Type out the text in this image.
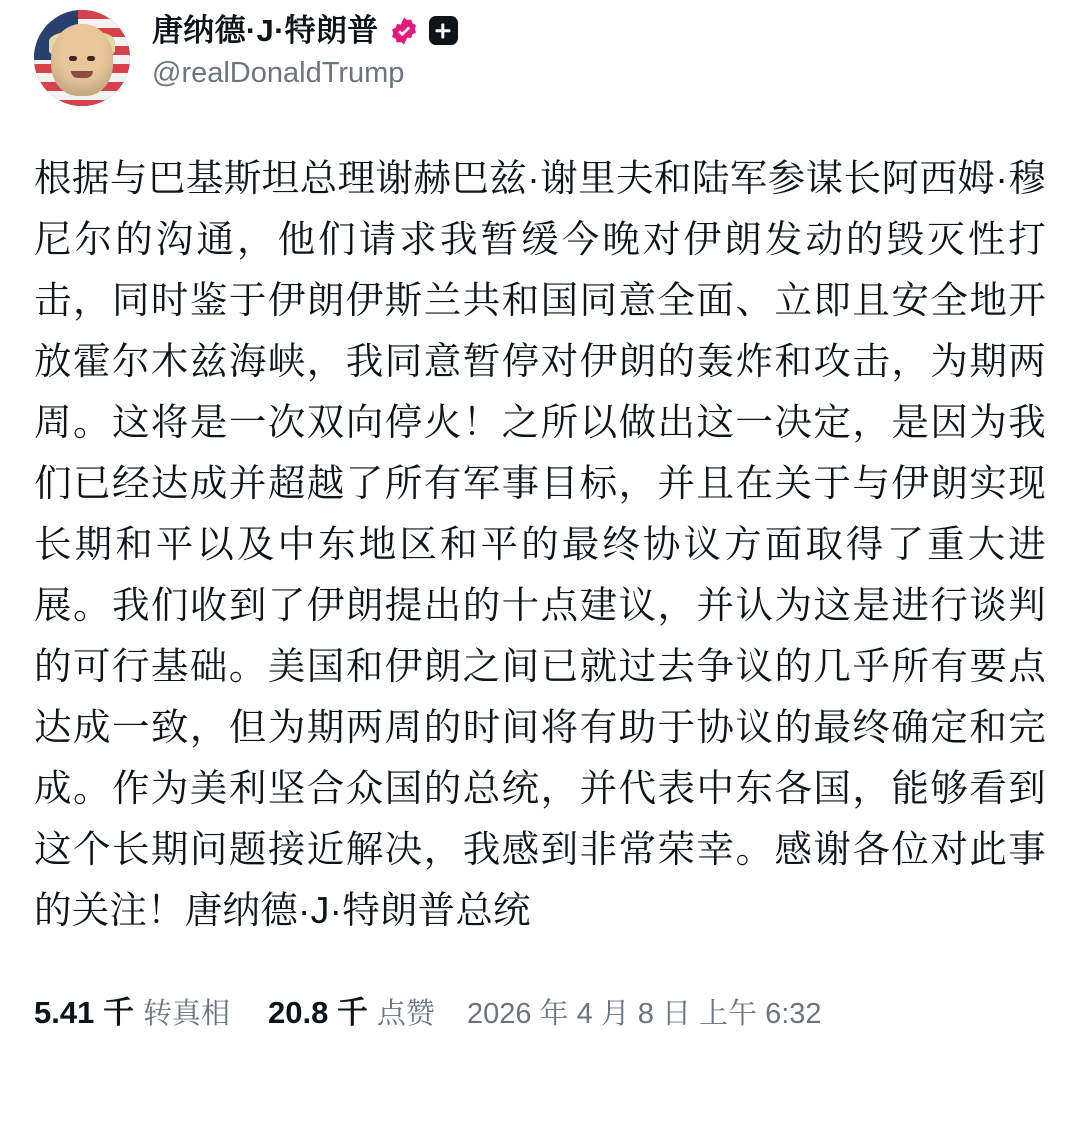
唐纳德·J·特朗普
@realDonaldTrump
根据与巴基斯坦总理谢赫巴兹·谢里夫和陆军参谋长阿西姆·穆尼尔的沟通，他们请求我暂缓今晚对伊朗发动的毁灭性打击，同时鉴于伊朗伊斯兰共和国同意全面、立即且安全地开放霍尔木兹海峡，我同意暂停对伊朗的轰炸和攻击，为期两周。这将是一次双向停火！之所以做出这一决定，是因为我们已经达成并超越了所有军事目标，并且在关于与伊朗实现长期和平以及中东地区和平的最终协议方面取得了重大进展。我们收到了伊朗提出的十点建议，并认为这是进行谈判的可行基础。美国和伊朗之间已就过去争议的几乎所有要点达成一致，但为期两周的时间将有助于协议的最终确定和完成。作为美利坚合众国的总统，并代表中东各国，能够看到这个长期问题接近解决，我感到非常荣幸。感谢各位对此事的关注！唐纳德·J·特朗普总统
5.41 千 转真相 20.8 千 点赞 2026 年 4 月 8 日 上午 6:32
